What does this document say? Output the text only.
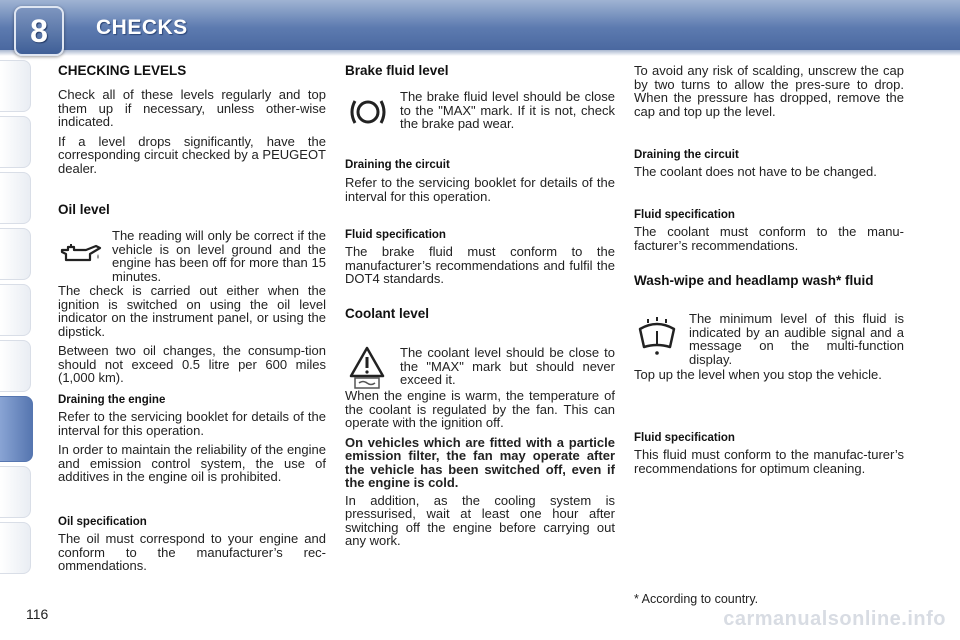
8 CHECKS
CHECKING LEVELS

Check all of these levels regularly and top them up if necessary, unless other-wise indicated.

If a level drops significantly, have the corresponding circuit checked by a PEUGEOT dealer.

Oil level

The reading will only be correct if the vehicle is on level ground and the engine has been off for more than 15 minutes.

The check is carried out either when the ignition is switched on using the oil level indicator on the instrument panel, or using the dipstick.

Between two oil changes, the consump-tion should not exceed 0.5 litre per 600 miles (1,000 km).

Draining the engine

Refer to the servicing booklet for details of the interval for this operation.

In order to maintain the reliability of the engine and emission control system, the use of additives in the engine oil is prohibited.

Oil specification

The oil must correspond to your engine and conform to the manufacturer’s rec-ommendations.

Brake fluid level

The brake fluid level should be close to the "MAX" mark. If it is not, check the brake pad wear.

Draining the circuit

Refer to the servicing booklet for details of the interval for this operation.

Fluid specification

The brake fluid must conform to the manufacturer’s recommendations and fulfil the DOT4 standards.

Coolant level

The coolant level should be close to the "MAX" mark but should never exceed it.

When the engine is warm, the temperature of the coolant is regulated by the fan. This can operate with the ignition off.

On vehicles which are fitted with a particle emission filter, the fan may operate after the vehicle has been switched off, even if the engine is cold.

In addition, as the cooling system is pressurised, wait at least one hour after switching off the engine before carrying out any work.

To avoid any risk of scalding, unscrew the cap by two turns to allow the pres-sure to drop. When the pressure has dropped, remove the cap and top up the level.

Draining the circuit

The coolant does not have to be changed.

Fluid specification

The coolant must conform to the manu-facturer’s recommendations.

Wash-wipe and headlamp wash* fluid

The minimum level of this fluid is indicated by an audible signal and a message on the multi-function display.

Top up the level when you stop the vehicle.

Fluid specification

This fluid must conform to the manufac-turer’s recommendations for optimum cleaning.

116
* According to country.
carmanualsonline.info
